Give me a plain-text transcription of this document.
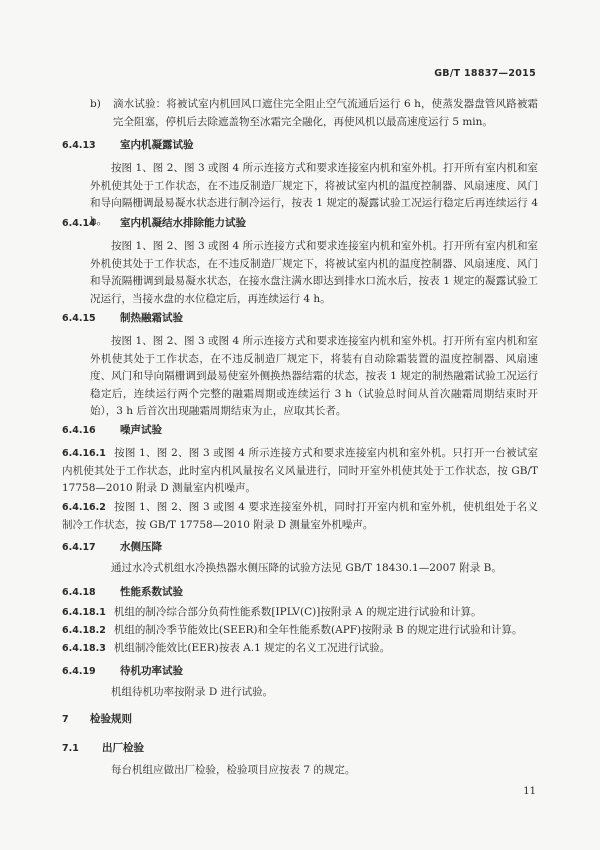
GB/T 18837—2015

b)	滴水试验：将被试室内机回风口遮住完全阻止空气流通后运行 6 h，使蒸发器盘管风路被霜完全阻塞，停机后去除遮盖物至冰霜完全融化，再使风机以最高速度运行 5 min。

6.4.13 室内机凝露试验

按图 1、图 2、图 3 或图 4 所示连接方式和要求连接室内机和室外机。打开所有室内机和室外机使其处于工作状态，在不违反制造厂规定下，将被试室内机的温度控制器、风扇速度、风门和导向隔栅调最易凝水状态进行制冷运行，按表 1 规定的凝露试验工况运行稳定后再连续运行 4 h。

6.4.14 室内机凝结水排除能力试验

按图 1、图 2、图 3 或图 4 所示连接方式和要求连接室内机和室外机。打开所有室内机和室外机使其处于工作状态，在不违反制造厂规定下，将被试室内机的温度控制器、风扇速度、风门和导流隔栅调到最易凝水状态，在接水盘注满水即达到排水口流水后，按表 1 规定的凝露试验工况运行，当接水盘的水位稳定后，再连续运行 4 h。

6.4.15 制热融霜试验

按图 1、图 2、图 3 或图 4 所示连接方式和要求连接室内机和室外机。打开所有室内机和室外机使其处于工作状态，在不违反制造厂规定下，将装有自动除霜装置的温度控制器、风扇速度、风门和导向隔栅调到最易使室外侧换热器结霜的状态，按表 1 规定的制热融霜试验工况运行稳定后，连续运行两个完整的融霜周期或连续运行 3 h（试验总时间从首次融霜周期结束时开始），3 h 后首次出现融霜周期结束为止，应取其长者。

6.4.16 噪声试验

6.4.16.1 按图 1、图 2、图 3 或图 4 所示连接方式和要求连接室内机和室外机。只打开一台被试室内机使其处于工作状态，此时室内机风量按名义风量进行，同时开室外机使其处于工作状态，按 GB/T 17758—2010 附录 D 测量室内机噪声。

6.4.16.2 按图 1、图 2、图 3 或图 4 要求连接室外机，同时打开室内机和室外机，使机组处于名义制冷工作状态，按 GB/T 17758—2010 附录 D 测量室外机噪声。

6.4.17 水侧压降

通过水冷式机组水冷换热器水侧压降的试验方法见 GB/T 18430.1—2007 附录 B。

6.4.18 性能系数试验

6.4.18.1 机组的制冷综合部分负荷性能系数[IPLV(C)]按附录 A 的规定进行试验和计算。

6.4.18.2 机组的制冷季节能效比(SEER)和全年性能系数(APF)按附录 B 的规定进行试验和计算。

6.4.18.3 机组制冷能效比(EER)按表 A.1 规定的名义工况进行试验。

6.4.19 待机功率试验

机组待机功率按附录 D 进行试验。

7 检验规则

7.1 出厂检验

每台机组应做出厂检验，检验项目应按表 7 的规定。

11
